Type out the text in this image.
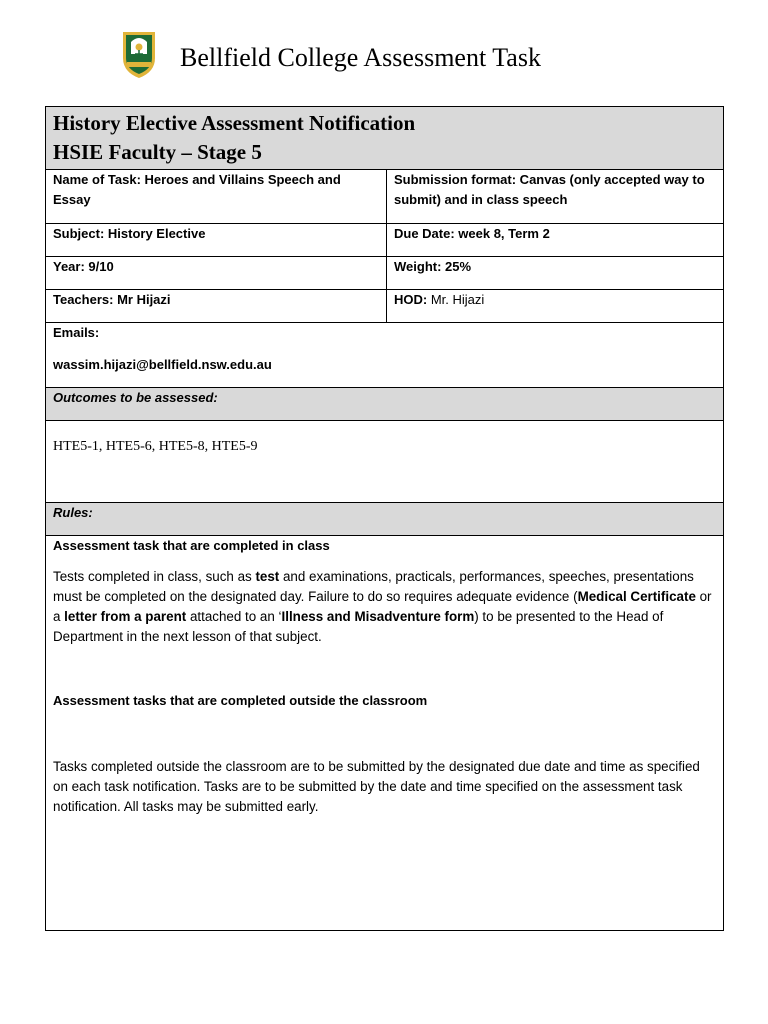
Bellfield College Assessment Task
History Elective Assessment Notification
HSIE Faculty – Stage 5	

Name of Task: Heroes and Villains Speech and Essay	Submission format: Canvas (only accepted way to submit) and in class speech
Subject: History Elective	Due Date: week 8, Term 2
Year: 9/10	Weight: 25%
Teachers: Mr Hijazi	HOD: Mr. Hijazi

Emails:
wassim.hijazi@bellfield.nsw.edu.au	

Outcomes to be assessed:	

HTE5-1, HTE5-6, HTE5-8, HTE5-9	

Rules:	

Assessment task that are completed in class

Tests completed in class, such as test and examinations, practicals, performances, speeches, presentations must be completed on the designated day. Failure to do so requires adequate evidence (Medical Certificate or a letter from a parent attached to an ‘Illness and Misadventure form) to be presented to the Head of Department in the next lesson of that subject.

Assessment tasks that are completed outside the classroom

Tasks completed outside the classroom are to be submitted by the designated due date and time as specified on each task notification. Tasks are to be submitted by the date and time specified on the assessment task notification. All tasks may be submitted early.	
